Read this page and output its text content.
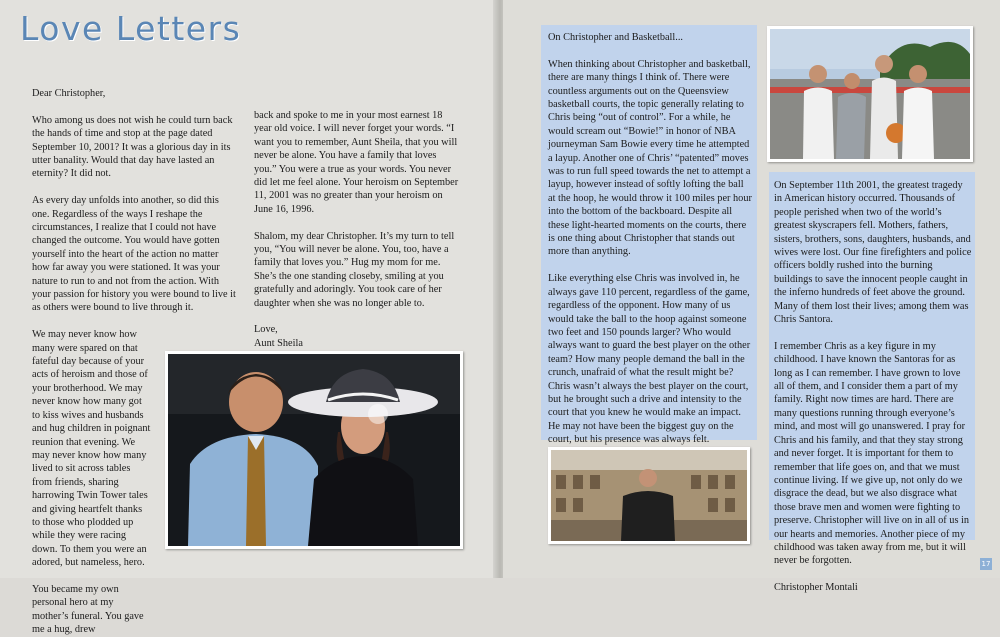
Love Letters

Dear Christopher,

Who among us does not wish he could turn back the hands of time and stop at the page dated September 10, 2001? It was a glorious day in its utter banality. Would that day have lasted an eternity? It did not.

As every day unfolds into another, so did this one. Regardless of the ways I reshape the circumstances, I realize that I could not have changed the outcome. You would have gotten yourself into the heart of the action no matter how far away you were stationed. It was your nature to run to and not from the action. With your passion for history you were bound to live it as others were bound to live through it.

We may never know how many were spared on that fateful day because of your acts of heroism and those of your brotherhood. We may never know how many got to kiss wives and husbands and hug children in poignant reunion that evening. We may never know how many lived to sit across tables from friends, sharing harrowing Twin Tower tales and giving heartfelt thanks to those who plodded up while they were racing down. To them you were an adored, but nameless, hero.

You became my own personal hero at my mother’s funeral. You gave me a hug, drew

back and spoke to me in your most earnest 18 year old voice. I will never forget your words. “I want you to remember, Aunt Sheila, that you will never be alone. You have a family that loves you.” You were a true as your words. You never did let me feel alone. Your heroism on September 11, 2001 was no greater than your heroism on June 16, 1996.

Shalom, my dear Christopher. It’s my turn to tell you, “You will never be alone. You, too, have a family that loves you.” Hug my mom for me. She’s the one standing closeby, smiling at you gratefully and adoringly. You took care of her daughter when she was no longer able to.

Love,
Aunt Sheila

On Christopher and Basketball...

When thinking about Christopher and basketball, there are many things I think of. There were countless arguments out on the Queensview basketball courts, the topic generally relating to Chris being “out of control”. For a while, he would scream out “Bowie!” in honor of NBA journeyman Sam Bowie every time he attempted a layup. Another one of Chris’ “patented” moves was to run full speed towards the net to attempt a layup, however instead of softly lofting the ball at the hoop, he would throw it 100 miles per hour into the bottom of the backboard. Despite all these light-hearted moments on the courts, there is one thing about Christopher that stands out more than anything.

Like everything else Chris was involved in, he always gave 110 percent, regardless of the game, regardless of the opponent. How many of us would take the ball to the hoop against someone two feet and 150 pounds larger? Who would always want to guard the best player on the other team? How many people demand the ball in the crunch, unafraid of what the result might be? Chris wasn’t always the best player on the court, but he brought such a drive and intensity to the court that you knew he would make an impact. He may not have been the biggest guy on the court, but his presence was always felt.

On September 11th 2001, the greatest tragedy in American history occurred. Thousands of people perished when two of the world’s greatest skyscrapers fell. Mothers, fathers, sisters, brothers, sons, daughters, husbands, and wives were lost. Our fine firefighters and police officers boldly rushed into the burning buildings to save the innocent people caught in the inferno hundreds of feet above the ground. Many of them lost their lives; among them was Chris Santora.

I remember Chris as a key figure in my childhood. I have known the Santoras for as long as I can remember. I have grown to love all of them, and I consider them a part of my family. Right now times are hard. There are many questions running through everyone’s mind, and most will go unanswered. I pray for Chris and his family, and that they stay strong and never forget. It is important for them to remember that life goes on, and that we must continue living. If we give up, not only do we disgrace the dead, but we also disgrace what those brave men and women were fighting to preserve. Christopher will live on in all of us in our hearts and memories. Another piece of my childhood was taken away from me, but it will never be forgotten.

Christopher Montali

17
